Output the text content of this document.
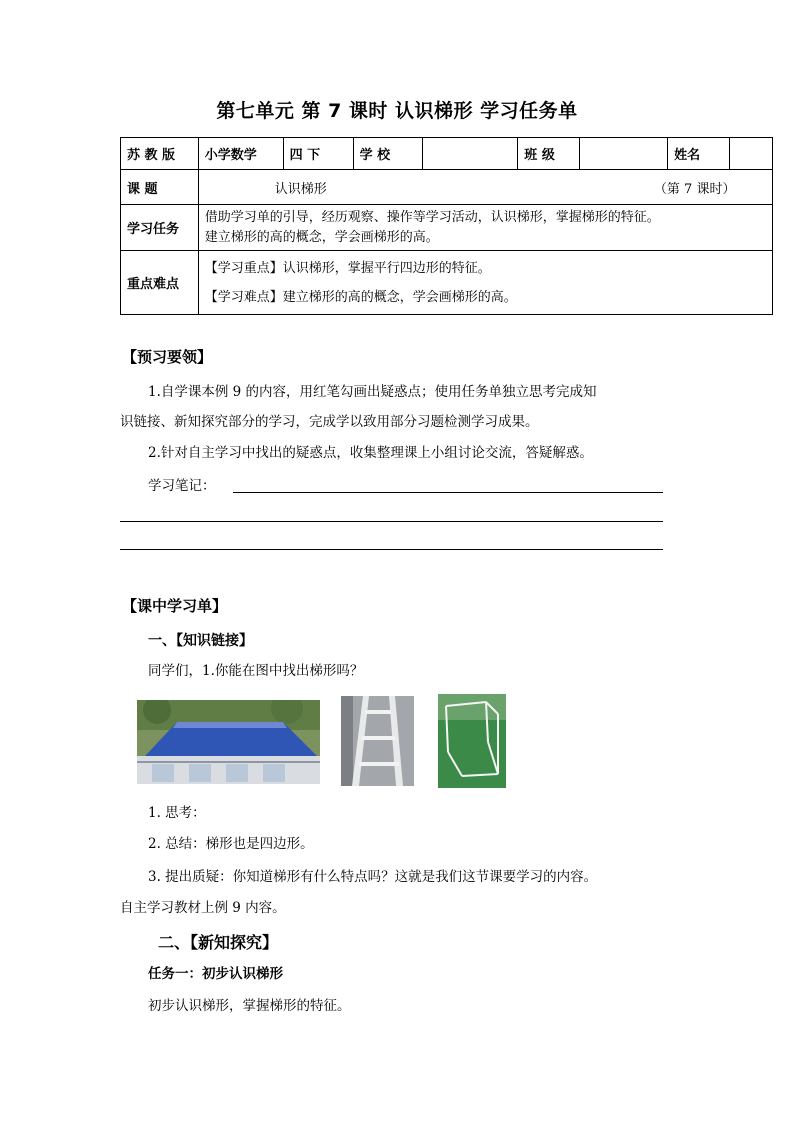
第七单元 第 7 课时 认识梯形 学习任务单
苏 教 版	小学数学	四 下	学 校		班 级		姓名	
课 题	认识梯形 （第 7 课时）							
学习任务	借助学习单的引导，经历观察、操作等学习活动，认识梯形，掌握梯形的特征。
建立梯形的高的概念，学会画梯形的高。							

重点难点	【学习重点】认识梯形，掌握平行四边形的特征。
【学习难点】建立梯形的高的概念，学会画梯形的高。							
【预习要领】
1.自学课本例 9 的内容，用红笔勾画出疑惑点；使用任务单独立思考完成知
识链接、新知探究部分的学习，完成学以致用部分习题检测学习成果。
2.针对自主学习中找出的疑惑点，收集整理课上小组讨论交流，答疑解惑。
学习笔记：
【课中学习单】
一、【知识链接】
同学们，1.你能在图中找出梯形吗？
1. 思考：
2. 总结：梯形也是四边形。
3. 提出质疑：你知道梯形有什么特点吗？这就是我们这节课要学习的内容。
自主学习教材上例 9 内容。
二、【新知探究】
任务一：初步认识梯形
初步认识梯形，掌握梯形的特征。
